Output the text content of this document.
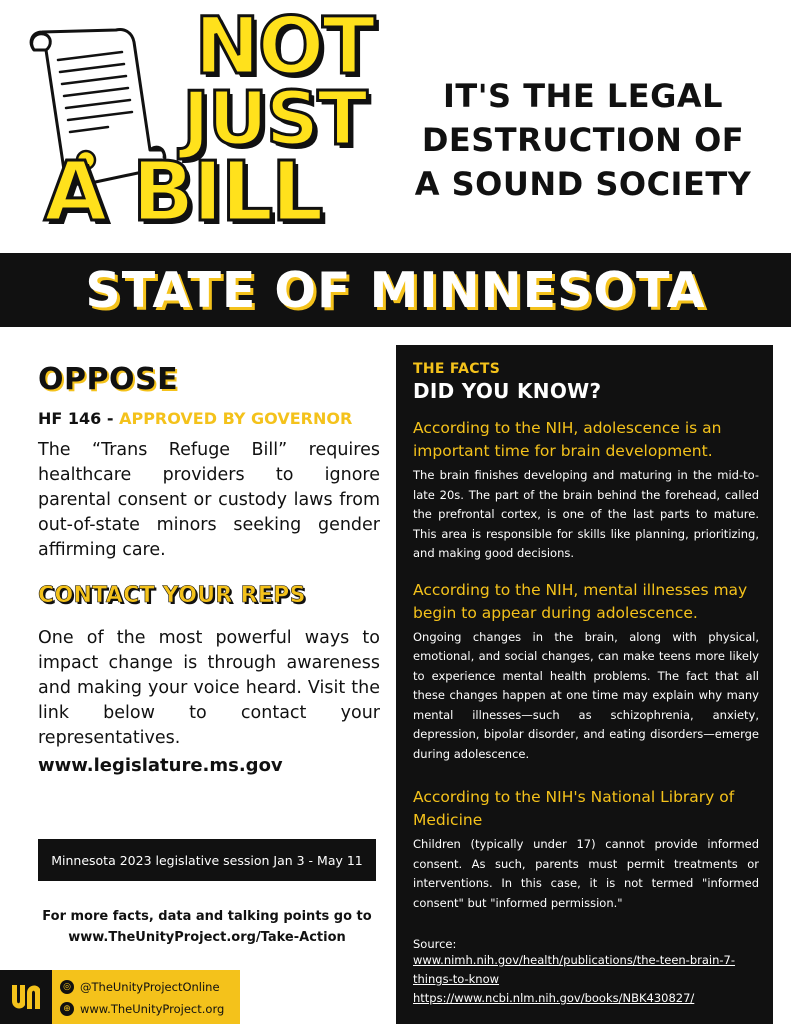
NOT
JUST
A BILL
IT'S THE LEGAL
DESTRUCTION OF
A SOUND SOCIETY
STATE OF MINNESOTA
OPPOSE
HF 146 - APPROVED BY GOVERNOR

The “Trans Refuge Bill” requires healthcare providers to ignore parental consent or custody laws from out-of-state minors seeking gender affirming care.

CONTACT YOUR REPS

One of the most powerful ways to impact change is through awareness and making your voice heard. Visit the link below to contact your representatives.

www.legislature.ms.gov
Minnesota 2023 legislative session Jan 3 - May 11
For more facts, data and talking points go to
www.TheUnityProject.org/Take-Action
◎ @TheUnityProjectOnline
⊕ www.TheUnityProject.org
THE FACTS
DID YOU KNOW?
According to the NIH, adolescence is an important time for brain development.

The brain finishes developing and maturing in the mid-to-late 20s. The part of the brain behind the forehead, called the prefrontal cortex, is one of the last parts to mature. This area is responsible for skills like planning, prioritizing, and making good decisions.

According to the NIH, mental illnesses may begin to appear during adolescence.

Ongoing changes in the brain, along with physical, emotional, and social changes, can make teens more likely to experience mental health problems. The fact that all these changes happen at one time may explain why many mental illnesses—such as schizophrenia, anxiety, depression, bipolar disorder, and eating disorders—emerge during adolescence.

According to the NIH's National Library of Medicine

Children (typically under 17) cannot provide informed consent. As such, parents must permit treatments or interventions. In this case, it is not termed "informed consent" but "informed permission."

Source:
www.nimh.nih.gov/health/publications/the-teen-brain-7-things-to-know
https://www.ncbi.nlm.nih.gov/books/NBK430827/
